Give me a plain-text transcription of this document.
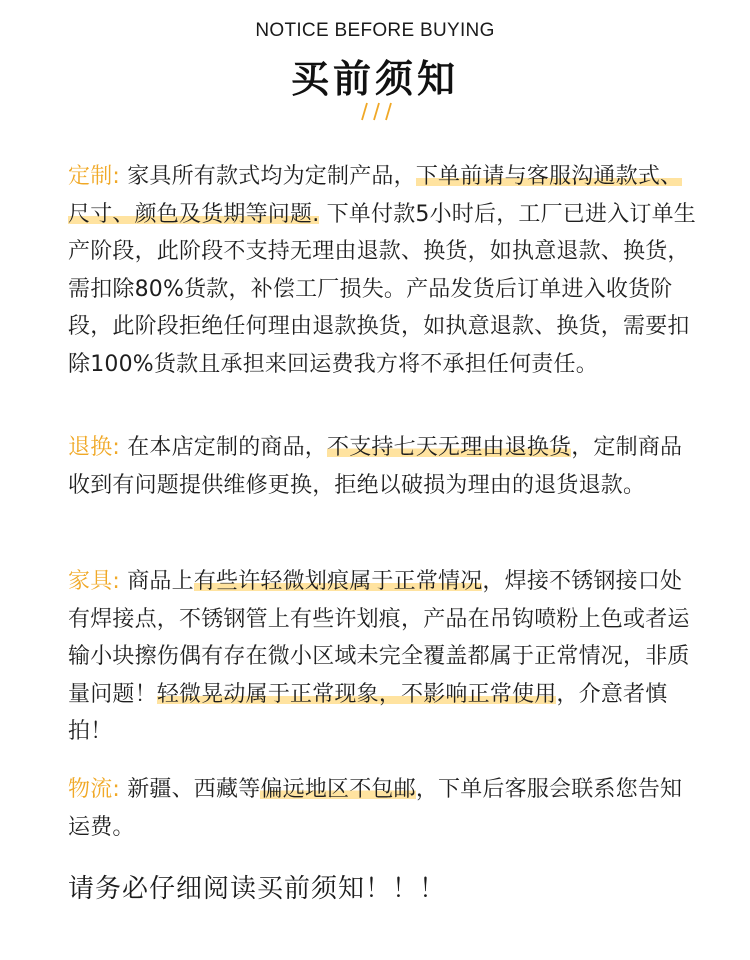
NOTICE BEFORE BUYING
买前须知
定制: 家具所有款式均为定制产品，下单前请与客服沟通款式、尺寸、颜色及货期等问题. 下单付款5小时后，工厂已进入订单生产阶段，此阶段不支持无理由退款、换货，如执意退款、换货，需扣除80%货款，补偿工厂损失。产品发货后订单进入收货阶段，此阶段拒绝任何理由退款换货，如执意退款、换货，需要扣除100%货款且承担来回运费我方将不承担任何责任。
退换: 在本店定制的商品，不支持七天无理由退换货，定制商品收到有问题提供维修更换，拒绝以破损为理由的退货退款。
家具: 商品上有些许轻微划痕属于正常情况，焊接不锈钢接口处有焊接点，不锈钢管上有些许划痕，产品在吊钩喷粉上色或者运输小块擦伤偶有存在微小区域未完全覆盖都属于正常情况，非质量问题！轻微晃动属于正常现象，不影响正常使用，介意者慎拍！
物流: 新疆、西藏等偏远地区不包邮，下单后客服会联系您告知运费。
请务必仔细阅读买前须知！！！
